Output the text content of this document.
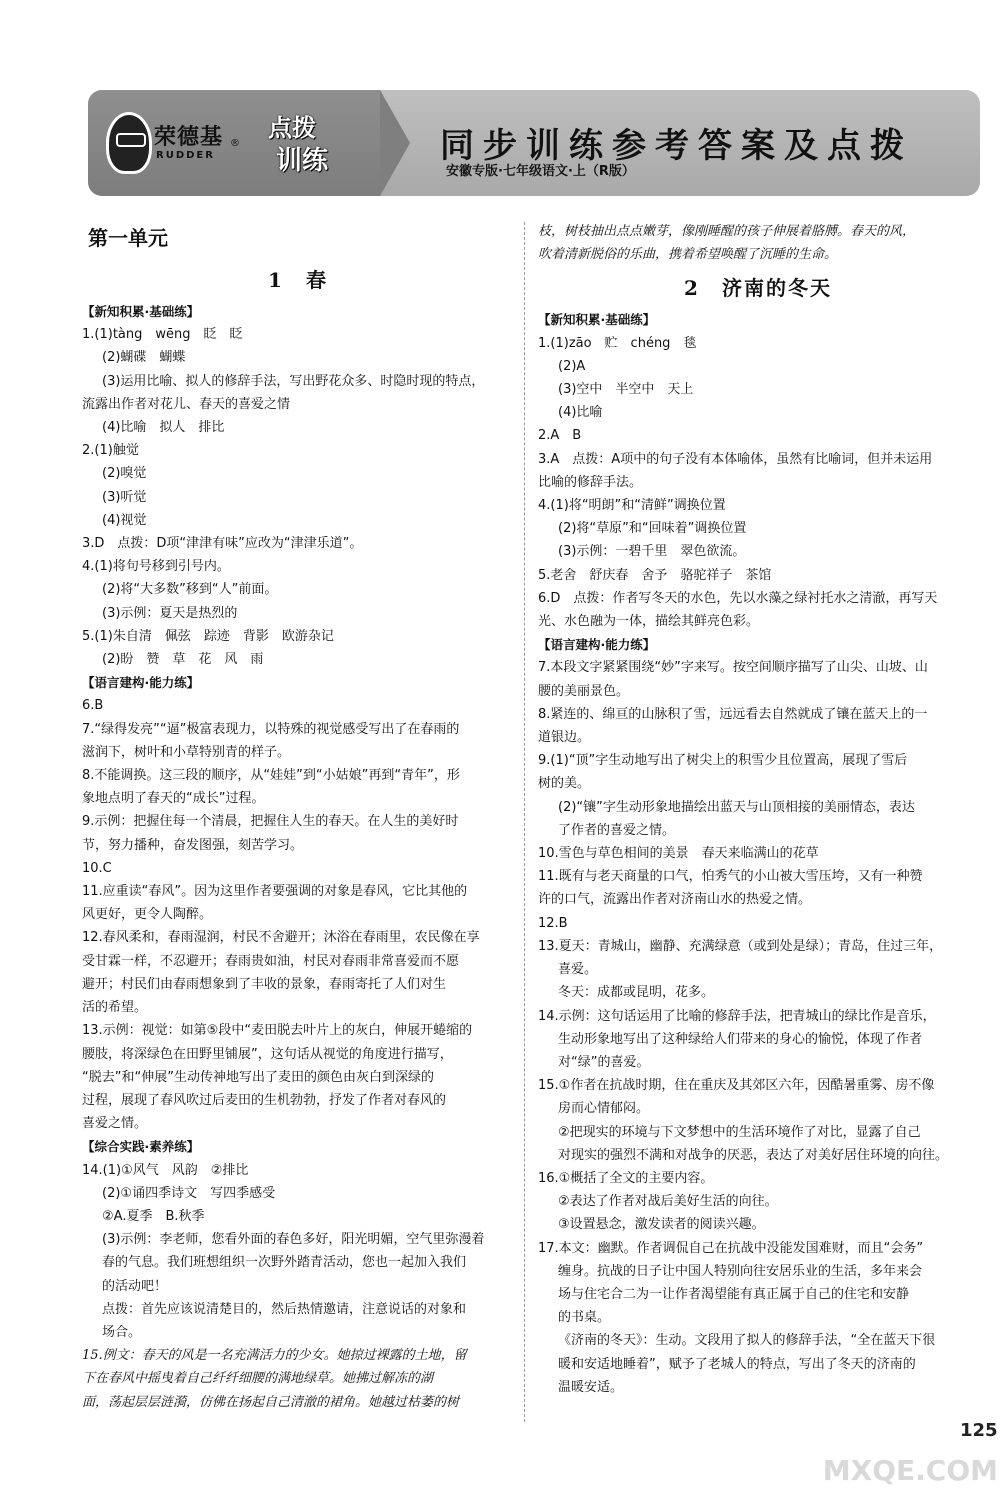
荣德基
RUDDER
®
点拨
训练	同步训练参考答案及点拨
安徽专版·七年级语文·上（R版）
第一单元
1　春
【新知积累·基础练】
1.(1)tàng　wēng　眨　眨
(2)蝴碟　蝴蝶
(3)运用比喻、拟人的修辞手法，写出野花众多、时隐时现的特点，
流露出作者对花儿、春天的喜爱之情
(4)比喻　拟人　排比
2.(1)触觉
(2)嗅觉
(3)听觉
(4)视觉
3.D　点拨：D项“津津有味”应改为“津津乐道”。
4.(1)将句号移到引号内。
(2)将“大多数”移到“人”前面。
(3)示例：夏天是热烈的
5.(1)朱自清　佩弦　踪迹　背影　欧游杂记
(2)盼　赞　草　花　风　雨
【语言建构·能力练】
6.B
7.“绿得发亮”“逼”极富表现力，以特殊的视觉感受写出了在春雨的
滋润下，树叶和小草特别青的样子。
8.不能调换。这三段的顺序，从“娃娃”到“小姑娘”再到“青年”，形
象地点明了春天的“成长”过程。
9.示例：把握住每一个清晨，把握住人生的春天。在人生的美好时
节，努力播种，奋发图强，刻苦学习。
10.C
11.应重读“春风”。因为这里作者要强调的对象是春风，它比其他的
风更好，更令人陶醉。
12.春风柔和，春雨湿润，村民不舍避开；沐浴在春雨里，农民像在享
受甘霖一样，不忍避开；春雨贵如油，村民对春雨非常喜爱而不愿
避开；村民们由春雨想象到了丰收的景象，春雨寄托了人们对生
活的希望。
13.示例：视觉：如第⑤段中“麦田脱去叶片上的灰白，伸展开蜷缩的
腰肢，将深绿色在田野里铺展”，这句话从视觉的角度进行描写，
“脱去”和“伸展”生动传神地写出了麦田的颜色由灰白到深绿的
过程，展现了春风吹过后麦田的生机勃勃，抒发了作者对春风的
喜爱之情。
【综合实践·素养练】
14.(1)①风气　风韵　②排比
(2)①诵四季诗文　写四季感受
②A.夏季　B.秋季
(3)示例：李老师，您看外面的春色多好，阳光明媚，空气里弥漫着
春的气息。我们班想组织一次野外踏青活动，您也一起加入我们
的活动吧！
点拨：首先应该说清楚目的，然后热情邀请，注意说话的对象和
场合。
15.例文：春天的风是一名充满活力的少女。她掠过裸露的土地，留
下在春风中摇曳着自己纤纤细腰的满地绿草。她拂过解冻的湖
面，荡起层层涟漪，仿佛在扬起自己清澈的裙角。她越过枯萎的树
枝，树枝抽出点点嫩芽，像刚睡醒的孩子伸展着胳膊。春天的风，
吹着清新脱俗的乐曲，携着希望唤醒了沉睡的生命。
2　济南的冬天
【新知积累·基础练】
1.(1)zāo　贮　chéng　毯
(2)A
(3)空中　半空中　天上
(4)比喻
2.A　B
3.A　点拨：A项中的句子没有本体喻体，虽然有比喻词，但并未运用
比喻的修辞手法。
4.(1)将“明朗”和“清鲜”调换位置
(2)将“草原”和“回味着”调换位置
(3)示例：一碧千里　翠色欲流。
5.老舍　舒庆春　舍予　骆驼祥子　茶馆
6.D　点拨：作者写冬天的水色，先以水藻之绿衬托水之清澈，再写天
光、水色融为一体，描绘其鲜亮色彩。
【语言建构·能力练】
7.本段文字紧紧围绕“妙”字来写。按空间顺序描写了山尖、山坡、山
腰的美丽景色。
8.紧连的、绵亘的山脉积了雪，远远看去自然就成了镶在蓝天上的一
道银边。
9.(1)“顶”字生动地写出了树尖上的积雪少且位置高，展现了雪后
树的美。
(2)“镶”字生动形象地描绘出蓝天与山顶相接的美丽情态，表达
了作者的喜爱之情。
10.雪色与草色相间的美景　春天来临满山的花草
11.既有与老天商量的口气，怕秀气的小山被大雪压垮，又有一种赞
许的口气，流露出作者对济南山水的热爱之情。
12.B
13.夏天：青城山，幽静、充满绿意（或到处是绿）；青岛，住过三年，
喜爱。
冬天：成都或昆明，花多。
14.示例：这句话运用了比喻的修辞手法，把青城山的绿比作是音乐，
生动形象地写出了这种绿给人们带来的身心的愉悦，体现了作者
对“绿”的喜爱。
15.①作者在抗战时期，住在重庆及其郊区六年，因酷暑重雾、房不像
房而心情郁闷。
②把现实的环境与下文梦想中的生活环境作了对比，显露了自己
对现实的强烈不满和对战争的厌恶，表达了对美好居住环境的向往。
16.①概括了全文的主要内容。
②表达了作者对战后美好生活的向往。
③设置悬念，激发读者的阅读兴趣。
17.本文：幽默。作者调侃自己在抗战中没能发国难财，而且“会务”
缠身。抗战的日子让中国人特别向往安居乐业的生活，多年来会
场与住宅合二为一让作者渴望能有真正属于自己的住宅和安静
的书桌。
《济南的冬天》：生动。文段用了拟人的修辞手法，“全在蓝天下很
暖和安适地睡着”，赋予了老城人的特点，写出了冬天的济南的
温暖安适。
125
MXQE.COM
